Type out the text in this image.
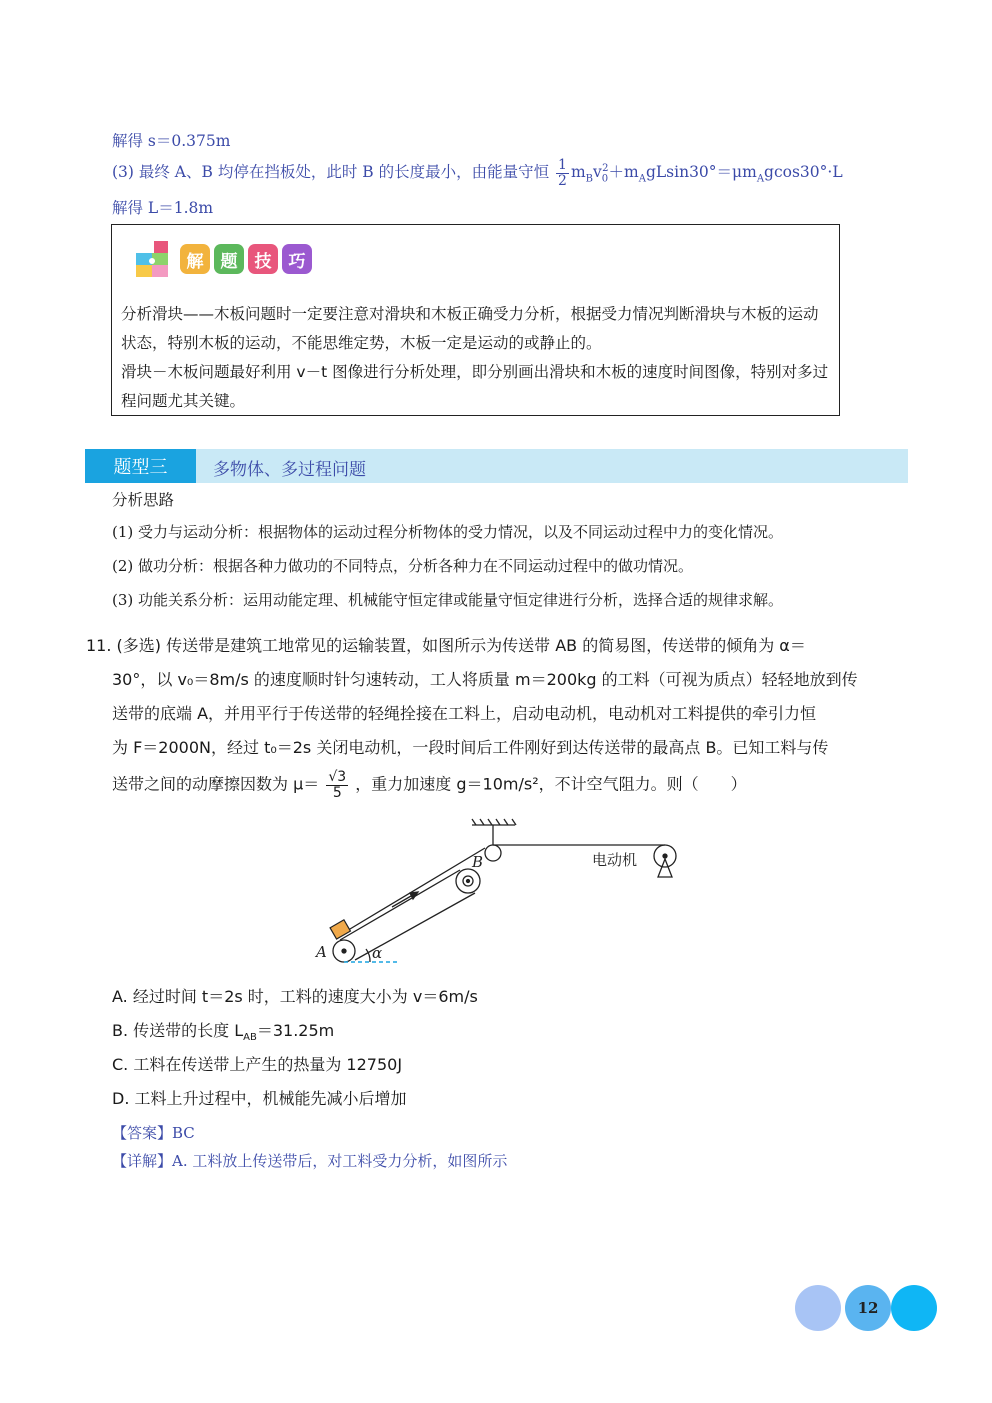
解得 s＝0.375m
(3) 最终 A、B 均停在挡板处，此时 B 的长度最小，由能量守恒 $\frac{1}{2} m_Bv_0^2+m_AgLsin30^\circ=\mu m_Agcos30^\circ\cdot L$
解得 L＝1.8m
解	题	技	巧

分析滑块——木板问题时一定要注意对滑块和木板正确受力分析，根据受力情况判断滑块与木板的运动状态，特别木板的运动，不能思维定势，木板一定是运动的或静止的。

滑块－木板问题最好利用 v－t 图像进行分析处理，即分别画出滑块和木板的速度时间图像，特别对多过程问题尤其关键。

题型三	多物体、多过程问题
分析思路
(1) 受力与运动分析：根据物体的运动过程分析物体的受力情况，以及不同运动过程中力的变化情况。
(2) 做功分析：根据各种力做功的不同特点，分析各种力在不同运动过程中的做功情况。
(3) 功能关系分析：运用动能定理、机械能守恒定律或能量守恒定律进行分析，选择合适的规律求解。
11. (多选) 传送带是建筑工地常见的运输装置，如图所示为传送带 AB 的简易图，传送带的倾角为 α＝
30°，以 v₀＝8m/s 的速度顺时针匀速转动，工人将质量 m＝200kg 的工料（可视为质点）轻轻地放到传
送带的底端 A，并用平行于传送带的轻绳拴接在工料上，启动电动机，电动机对工料提供的牵引力恒
为 F＝2000N，经过 t₀＝2s 关闭电动机，一段时间后工件刚好到达传送带的最高点 B。已知工料与传
送带之间的动摩擦因数为 $\mu= \frac{√3}{5}$ ，重力加速度 g＝10m/s²，不计空气阻力。则（　　）
A
B
α
电动机
A. 经过时间 t＝2s 时，工料的速度大小为 v＝6m/s
B. 传送带的长度 $L_{AB}=31.25m$
C. 工料在传送带上产生的热量为 12750J
D. 工料上升过程中，机械能先减小后增加
【答案】BC
【详解】A. 工料放上传送带后，对工料受力分析，如图所示
12
